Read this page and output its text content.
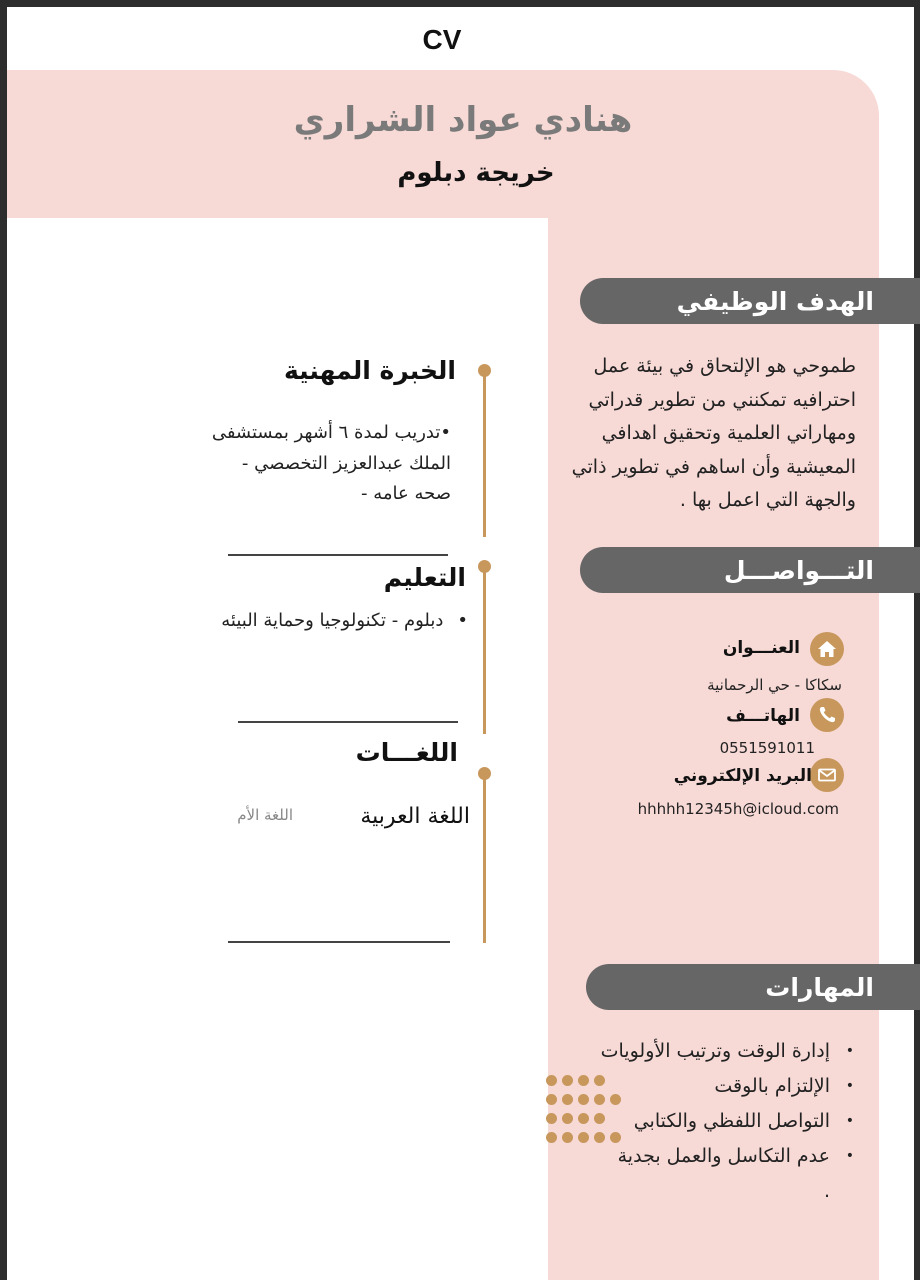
CV
هنادي عواد الشراري
خريجة دبلوم
الهدف الوظيفي
طموحي هو الإلتحاق في بيئة عمل احترافيه تمكنني من تطوير قدراتي ومهاراتي العلمية وتحقيق اهدافي المعيشية وأن اساهم في تطوير ذاتي والجهة التي اعمل بها .
التـــواصـــل
العنـــوان
سكاكا - حي الرحمانية
الهاتـــف
0551591011
البريد الإلكتروني
hhhhh12345h@icloud.com
المهارات
•
إدارة الوقت وترتيب الأولويات
•
الإلتزام بالوقت
•
التواصل اللفظي والكتابي
•
عدم التكاسل والعمل بجدية
.
الخبرة المهنية
•تدريب لمدة ٦ أشهر بمستشفى الملك عبدالعزيز التخصصي - صحه عامه -
التعليم
•دبلوم - تكنولوجيا وحماية البيئه
اللغـــات
اللغة العربية
اللغة الأم
